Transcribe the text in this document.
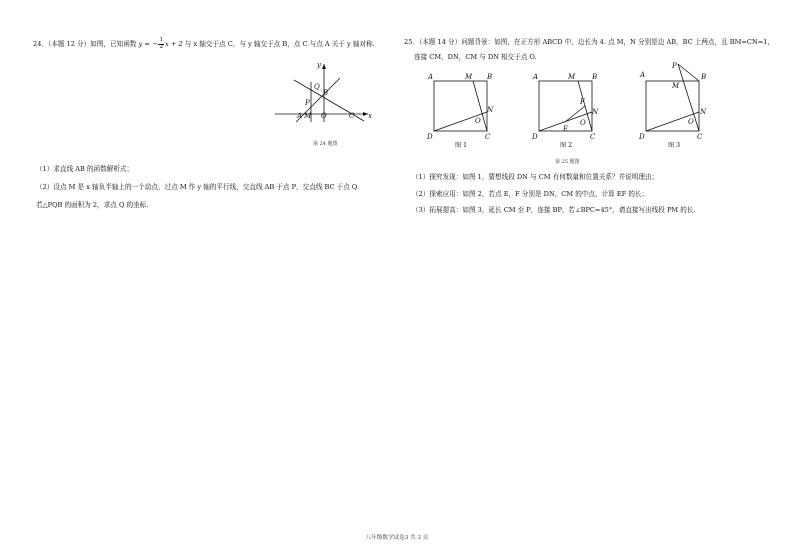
24．（本题 12 分）如图，已知函数 y = − $\frac{1}{2}$ x + 2 与 x 轴交于点 C，与 y 轴交于点 B，点 C 与点 A 关于 y 轴对称.
y
Q
B
P
A M O	C x
第 24 题图
（1）求直线 AB 的函数解析式；
（2）设点 M 是 x 轴负半轴上的一个动点，过点 M 作 y 轴的平行线，交直线 AB 于点 P，交直线 BC 于点 Q.
若△PQB 的面积为 2，求点 Q 的坐标.
25．（本题 14 分）问题背景：如图，在正方形 ABCD 中，边长为 4. 点 M，N 分别是边 AB，BC 上两点，且 BM=CN=1，
连接 CM，DN，CM 与 DN 相交于点 O.
A	M B
N
O
D	C
A	M B
F
N
O
E
D	C
P
A	B
M
N
O
D	C
图 1	图 2	图 3
第 25 题图
（1）探究发现：如图 1，猜想线段 DN 与 CM 有何数量和位置关系？并说明理由；
（2）探索应用：如图 2，若点 E，F 分别是 DN，CM 的中点，计算 EF 的长；
（3）拓展提高：如图 3，延长 CM 至 P，连接 BP，若∠BPC=45°，请直接写出线段 PM 的长.
八年级数学试卷3 共 3 页
